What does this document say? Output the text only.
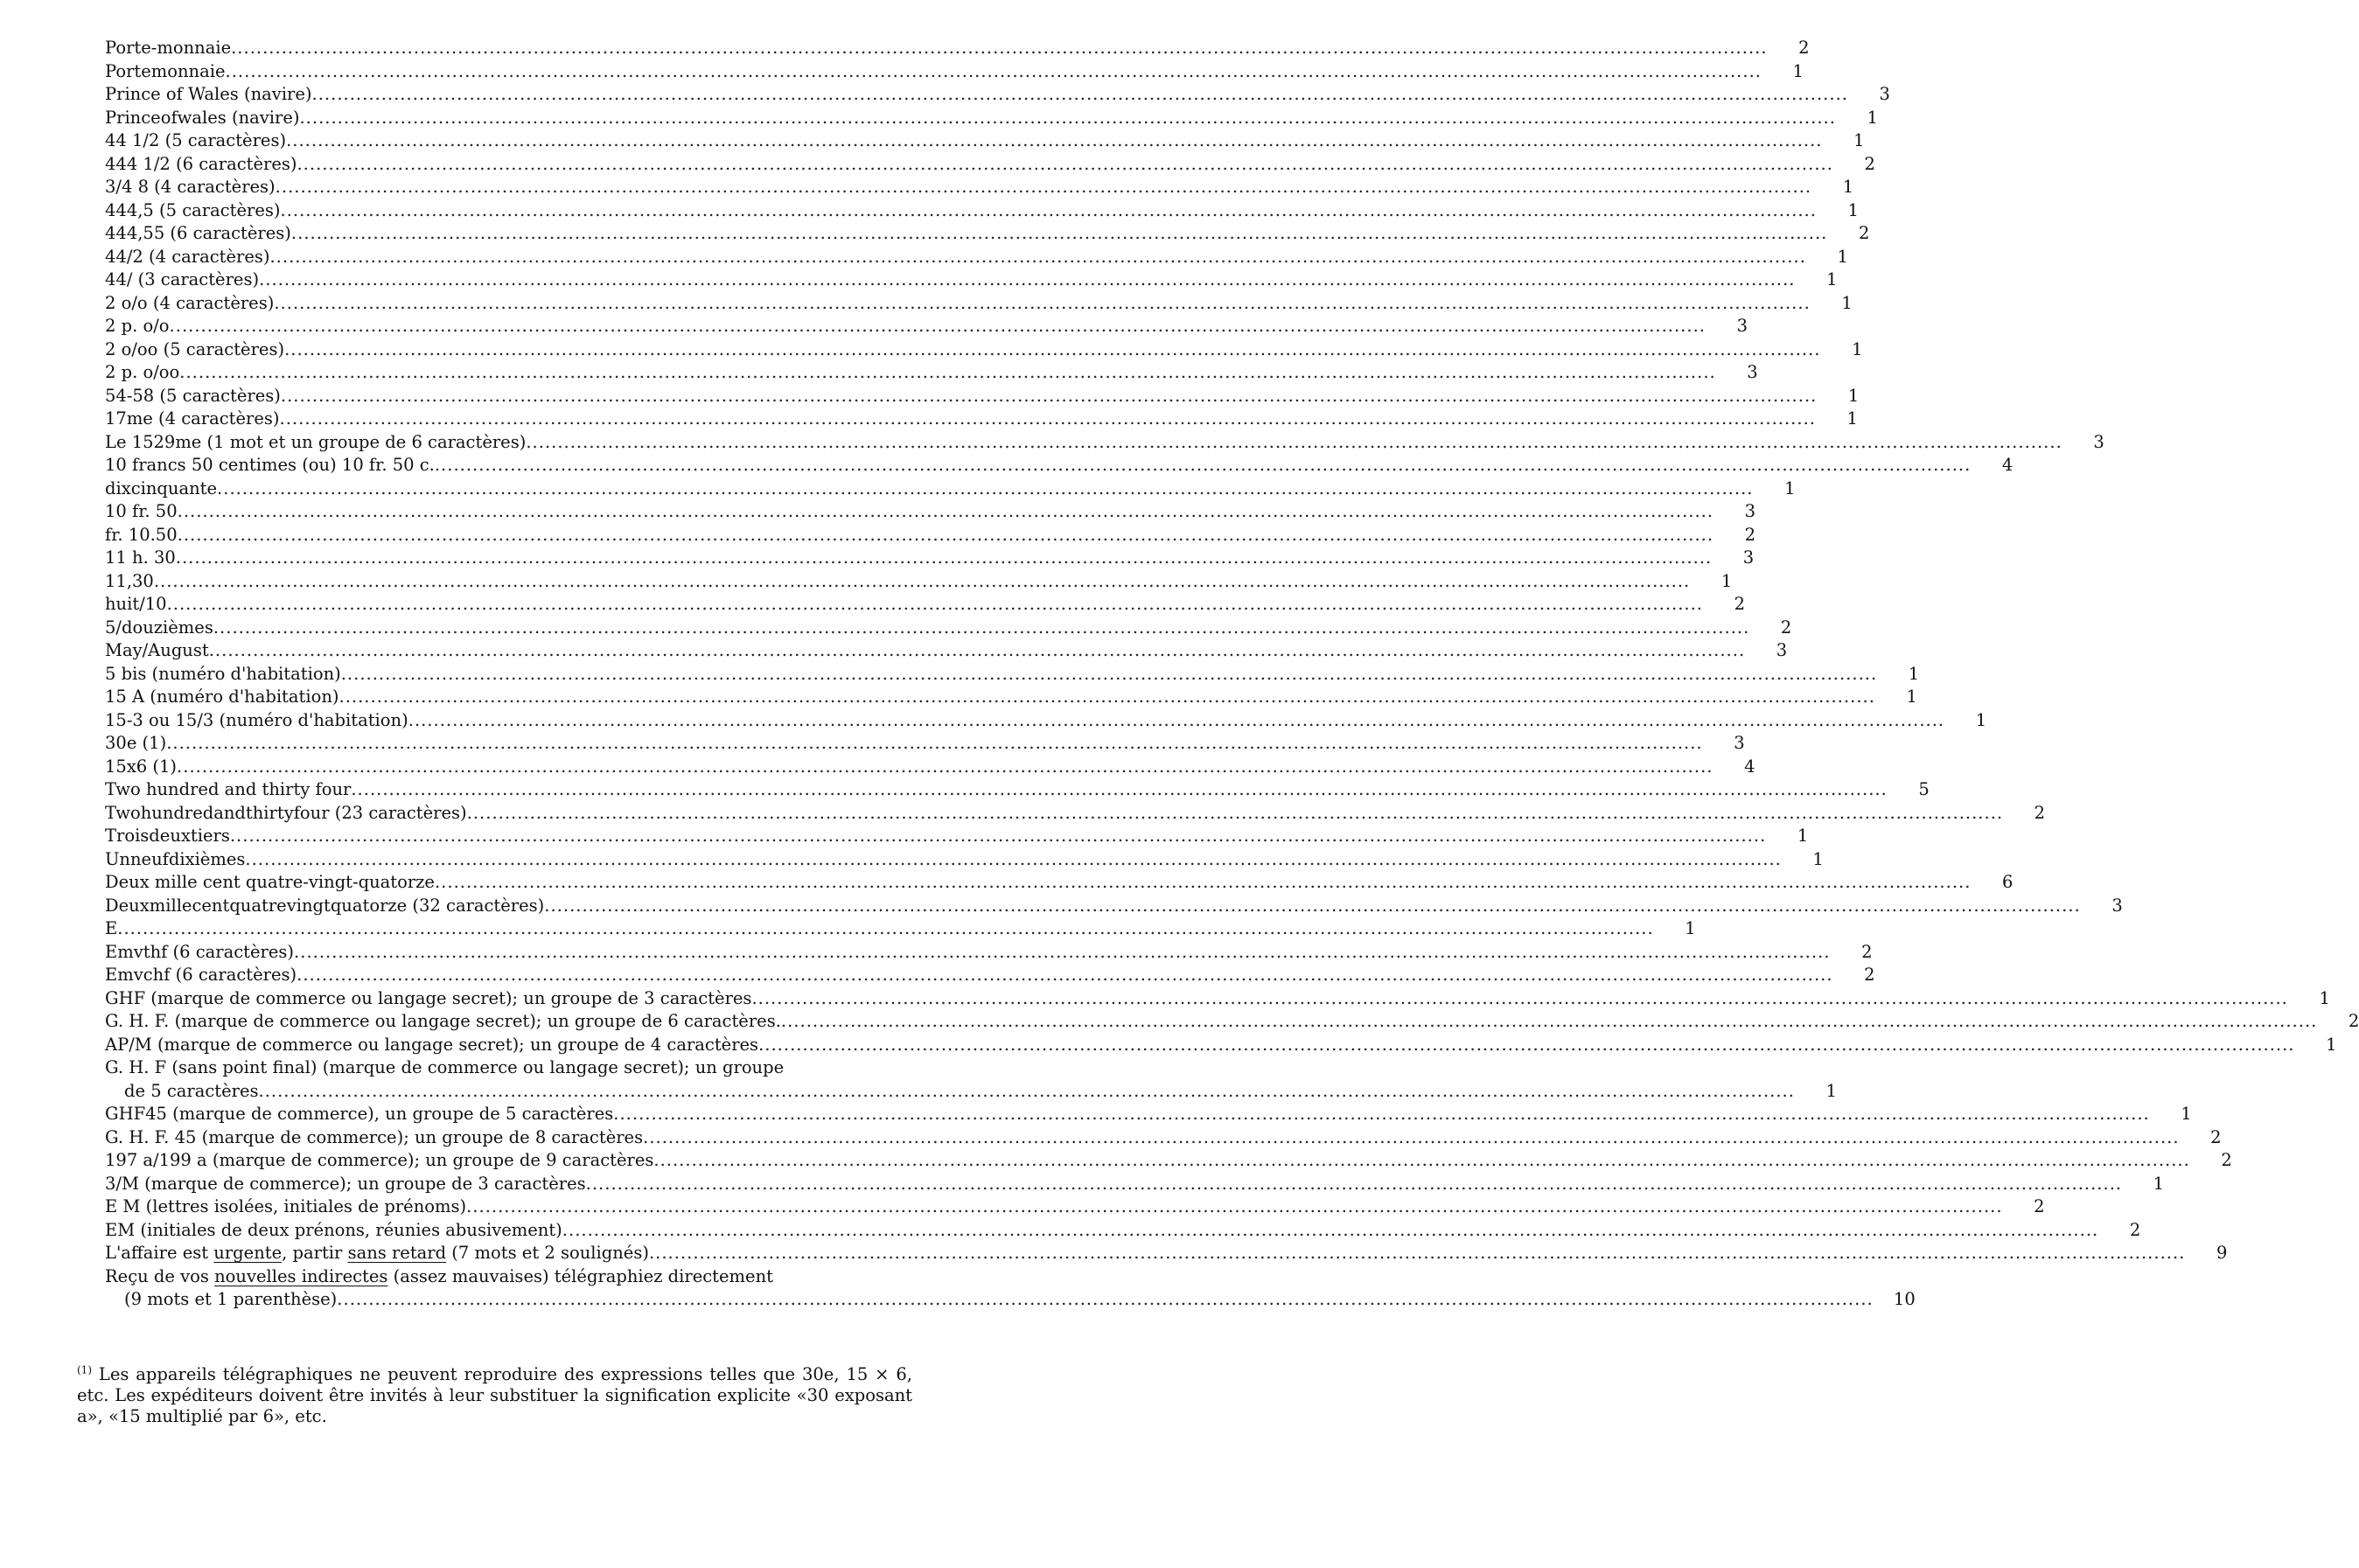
Porte-monnaie .....	2
Portemonnaie .....	1
Prince of Wales (navire) .....	3
Princeofwales (navire) .....	1
44 1/2 (5 caractères) .....	1
444 1/2 (6 caractères) .....	2
3/4 8 (4 caractères) .....	1
444,5 (5 caractères) .....	1
444,55 (6 caractères) .....	2
44/2 (4 caractères) .....	1
44/ (3 caractères) .....	1
2 o/o (4 caractères) .....	1
2 p. o/o .....	3
2 o/oo (5 caractères) .....	1
2 p. o/oo .....	3
54-58 (5 caractères) .....	1
17me (4 caractères) .....	1
Le 1529me (1 mot et un groupe de 6 caractères) .....	3
10 francs 50 centimes (ou) 10 fr. 50 c. .....	4
dixcinquante .....	1
10 fr. 50 .....	3
fr. 10.50 .....	2
11 h. 30 .....	3
11,30 .....	1
huit/10 .....	2
5/douzièmes .....	2
May/August .....	3
5 bis (numéro d'habitation) .....	1
15 A (numéro d'habitation) .....	1
15-3 ou 15/3 (numéro d'habitation) .....	1
30e (1) .....	3
15x6 (1) .....	4
Two hundred and thirty four .....	5
Twohundredandthirtyfour (23 caractères) .....	2
Troisdeuxtiers .....	1
Unneufdixièmes .....	1
Deux mille cent quatre-vingt-quatorze .....	6
Deuxmillecentquatrevingtquatorze (32 caractères) .....	3
E .....	1
Emvthf (6 caractères) .....	2
Emvchf (6 caractères) .....	2
GHF (marque de commerce ou langage secret); un groupe de 3 caractères .....	1
G. H. F. (marque de commerce ou langage secret); un groupe de 6 caractères. .....	2
AP/M (marque de commerce ou langage secret); un groupe de 4 caractères .....	1
G. H. F (sans point final) (marque de commerce ou langage secret); un groupe
de 5 caractères .....	1
GHF45 (marque de commerce), un groupe de 5 caractères .....	1
G. H. F. 45 (marque de commerce); un groupe de 8 caractères .....	2
197 a/199 a (marque de commerce); un groupe de 9 caractères .....	2
3/M (marque de commerce); un groupe de 3 caractères .....	1
E M (lettres isolées, initiales de prénoms) .....	2
EM (initiales de deux prénons, réunies abusivement) .....	2
L'affaire est urgente, partir sans retard (7 mots et 2 soulignés) .....	9
Reçu de vos nouvelles indirectes (assez mauvaises) télégraphiez directement
(9 mots et 1 parenthèse) .....	10
$^{(1)}$ Les appareils télégraphiques ne peuvent reproduire des expressions telles que 30e, 15 × 6, etc. Les expéditeurs doivent être invités à leur substituer la signification explicite «30 exposant a», «15 multiplié par 6», etc.
